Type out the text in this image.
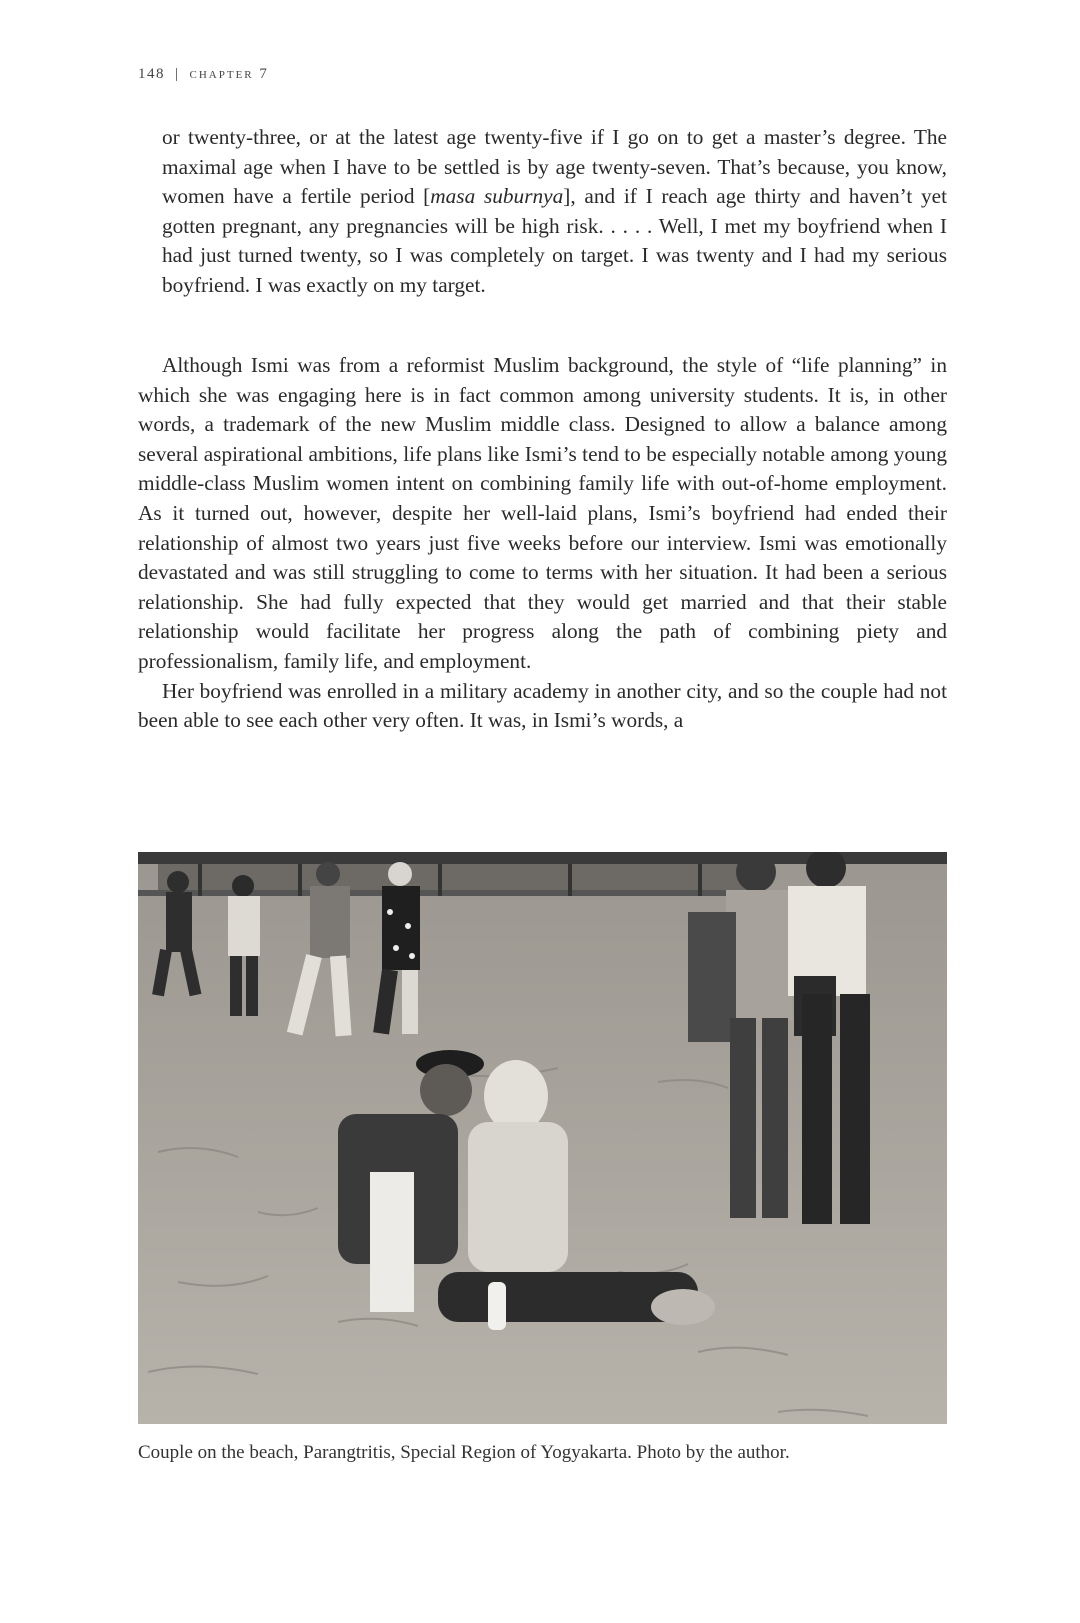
148 | chapter 7

or twenty-three, or at the latest age twenty-five if I go on to get a master’s degree. The maximal age when I have to be settled is by age twenty-seven. That’s because, you know, women have a fertile period [masa suburnya], and if I reach age thirty and haven’t yet gotten pregnant, any pregnancies will be high risk. . . . . Well, I met my boyfriend when I had just turned twenty, so I was completely on target. I was twenty and I had my serious boyfriend. I was exactly on my target.

Although Ismi was from a reformist Muslim background, the style of “life planning” in which she was engaging here is in fact common among university students. It is, in other words, a trademark of the new Muslim middle class. Designed to allow a balance among several aspirational ambitions, life plans like Ismi’s tend to be especially notable among young middle-class Muslim women intent on combining family life with out-of-home employment. As it turned out, however, despite her well-laid plans, Ismi’s boyfriend had ended their relationship of almost two years just five weeks before our interview. Ismi was emotionally devastated and was still struggling to come to terms with her situation. It had been a serious relationship. She had fully expected that they would get married and that their stable relationship would facilitate her progress along the path of combining piety and professionalism, family life, and employment.

Her boyfriend was enrolled in a military academy in another city, and so the couple had not been able to see each other very often. It was, in Ismi’s words, a

Couple on the beach, Parangtritis, Special Region of Yogyakarta. Photo by the author.
